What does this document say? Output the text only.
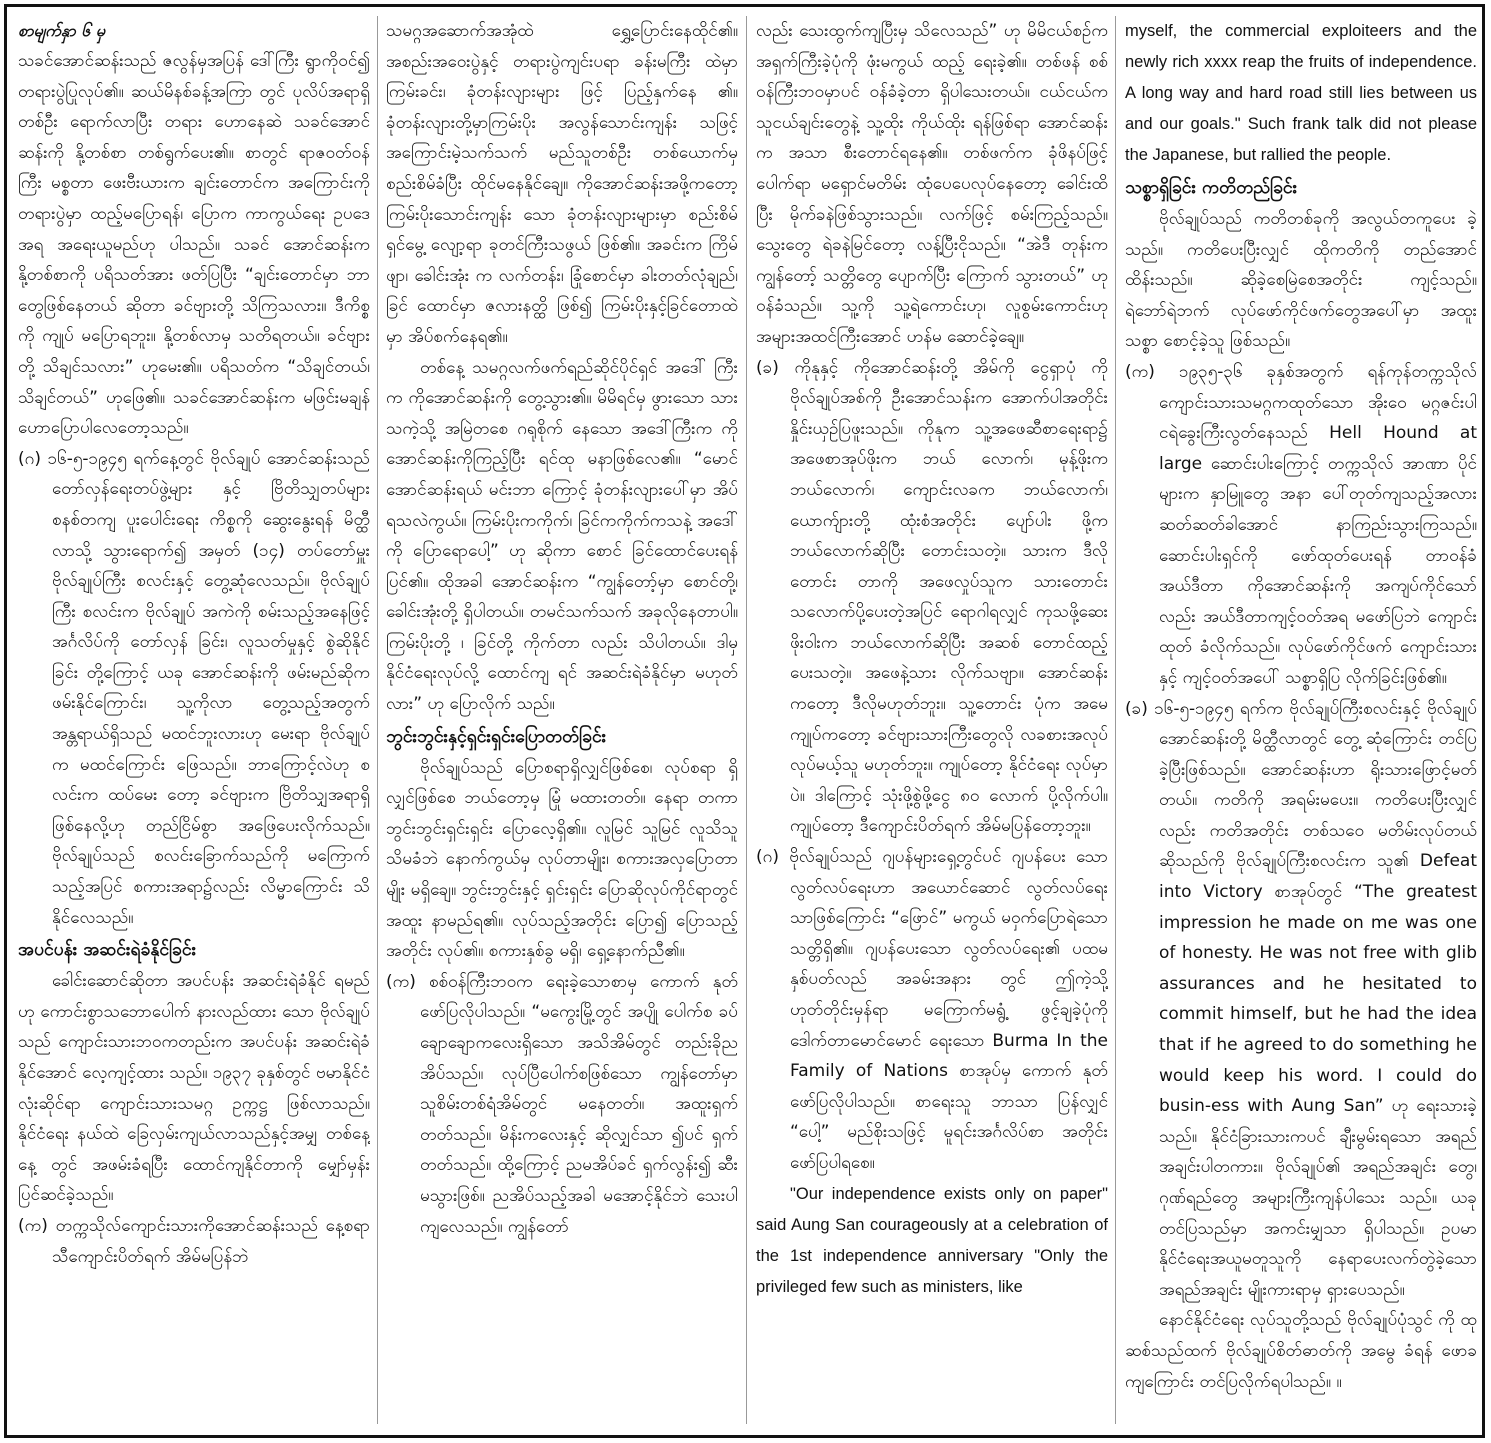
စာမျက်နှာ ၆ မှ

သခင်အောင်ဆန်းသည် ဇလွန်မှအပြန် ဒေါ်ကြီး ရွာကိုဝင်၍ တရားပွဲပြုလုပ်၏။ ဆယ်မိနစ်ခန့်အကြာ တွင် ပုလိပ်အရာရှိတစ်ဦး ရောက်လာပြီး တရား ဟောနေဆဲ သခင်အောင်ဆန်းကို နို့တစ်စာ တစ်ရွက်ပေး၏။ စာတွင် ရာဇဝတ်ဝန်ကြီး မစ္စတာ ဖေးဗီးယားက ချင်းတောင်က အကြောင်းကို တရားပွဲမှာ ထည့်မပြောရန်၊ ပြောက ကာကွယ်ရေး ဥပဒေအရ အရေးယူမည်ဟု ပါသည်။ သခင် အောင်ဆန်းက နို့တစ်စာကို ပရိသတ်အား ဖတ်ပြပြီး “ချင်းတောင်မှာ ဘာတွေဖြစ်နေတယ် ဆိုတာ ခင်ဗျားတို့ သိကြသလား။ ဒီကိစ္စကို ကျုပ် မပြောရဘူး။ နို့တစ်လာမှ သတိရတယ်။ ခင်ဗျားတို့ သိချင်သလား” ဟုမေး၏။ ပရိသတ်က “သိချင်တယ်၊ သိချင်တယ်” ဟုဖြေ၏။ သခင်အောင်ဆန်းက မဖြင်းမချန် ဟောပြောပါလေတော့သည်။

(ဂ) ၁၆-၅-၁၉၄၅ ရက်နေ့တွင် ဗိုလ်ချုပ် အောင်ဆန်းသည် တော်လှန်ရေးတပ်ဖွဲ့များ နှင့် ဗြိတိသျှတပ်များ စနစ်တကျ ပူးပေါင်းရေး ကိစ္စကို ဆွေးနွေးရန် မိတ္ထီလာသို့ သွားရောက်၍ အမှတ် (၁၄) တပ်တော်မှူး ဗိုလ်ချုပ်ကြီး စလင်းနှင့် တွေ့ဆုံလေသည်။ ဗိုလ်ချုပ်ကြီး စလင်းက ဗိုလ်ချုပ် အကဲကို စမ်းသည့်အနေဖြင့် အင်္ဂလိပ်ကို တော်လှန် ခြင်း၊ လူသတ်မှုနှင့် စွဲဆိုနိုင်ခြင်း တို့ကြောင့် ယခု အောင်ဆန်းကို ဖမ်းမည်ဆိုက ဖမ်းနိုင်ကြောင်း၊ သူ့ကိုလာ တွေ့သည့်အတွက် အန္တရာယ်ရှိသည် မထင်ဘူးလားဟု မေးရာ ဗိုလ်ချုပ်က မထင်ကြောင်း ဖြေသည်။ ဘာကြောင့်လဲဟု စလင်းက ထပ်မေး တော့ ခင်ဗျားက ဗြိတိသျှအရာရှိ ဖြစ်နေလို့ဟု တည်ငြိမ်စွာ အဖြေပေးလိုက်သည်။ ဗိုလ်ချုပ်သည် စလင်းခြောက်သည်ကို မကြောက်သည့်အပြင် စကားအရာ၌လည်း လိမ္မာကြောင်း သိနိုင်လေသည်။

အပင်ပန်း အဆင်းရဲခံနိုင်ခြင်း

ခေါင်းဆောင်ဆိုတာ အပင်ပန်း အဆင်းရဲခံနိုင် ရမည်ဟု ကောင်းစွာသဘောပေါက် နားလည်ထား သော ဗိုလ်ချုပ်သည် ကျောင်းသားဘဝကတည်းက အပင်ပန်း အဆင်းရဲခံနိုင်အောင် လေ့ကျင့်ထား သည်။ ၁၉၃၇ ခုနှစ်တွင် ဗမာနိုင်ငံလုံးဆိုင်ရာ ကျောင်းသားသမဂ္ဂ ဥက္ကဋ္ဌ ဖြစ်လာသည်။ နိုင်ငံရေး နယ်ထဲ ခြေလှမ်းကျယ်လာသည်နှင့်အမျှ တစ်နေ့နေ့ တွင် အဖမ်းခံရပြီး ထောင်ကျနိုင်တာကို မျှော်မှန်း ပြင်ဆင်ခဲ့သည်။

(က) တက္ကသိုလ်ကျောင်းသားကိုအောင်ဆန်းသည် နေ့စရာသီကျောင်းပိတ်ရက် အိမ်မပြန်ဘဲ

သမဂ္ဂအဆောက်အအုံထဲ ရွှေ့ပြောင်းနေထိုင်၏။ အစည်းအဝေးပွဲနှင့် တရားပွဲကျင်းပရာ ခန်းမကြီး ထဲမှာ ကြမ်းခင်း၊ ခုံတန်းလျားများ ဖြင့် ပြည့်နှက်နေ ၏။ ခုံတန်းလျားတို့မှာကြမ်းပိုး အလွန်သောင်းကျန်း သဖြင့် အကြောင်းမဲ့သက်သက် မည်သူတစ်ဦး တစ်ယောက်မှ စည်းစိမ်ခံပြီး ထိုင်မနေနိုင်ချေ။ ကိုအောင်ဆန်းအဖို့ကတော့ ကြမ်းပိုးသောင်းကျန်း သော ခုံတန်းလျားများမှာ စည်းစိမ်ရှင်မွေ့ လျော့ရာ ခုတင်ကြီးသဖွယ် ဖြစ်၏။ အခင်းက ကြိမ်ဖျာ၊ ခေါင်းအုံး က လက်တန်း၊ ခြုံစောင်မှာ ခါးတတ်လုံချည်၊ ခြင် ထောင်မှာ ဇလားနတ္ထိ ဖြစ်၍ ကြမ်းပိုးနှင့်ခြင်တောထဲ မှာ အိပ်စက်နေရ၏။

တစ်နေ့ သမဂ္ဂလက်ဖက်ရည်ဆိုင်ပိုင်ရှင် အဒေါ် ကြီးက ကိုအောင်ဆန်းကို တွေ့သွား၏။ မိမိရင်မှ ဖွားသော သားသကဲ့သို့ အမြဲတစေ ဂရုစိုက် နေသော အဒေါ်ကြီးက ကိုအောင်ဆန်းကိုကြည့်ပြီး ရင်ထု မနာဖြစ်လေ၏။ “မောင်အောင်ဆန်းရယ် မင်းဘာ ကြောင့် ခုံတန်းလျားပေါ်မှာ အိပ်ရသလဲကွယ်။ ကြမ်းပိုးကကိုက်၊ ခြင်ကကိုက်ကသနဲ့ အဒေါ်ကို ပြောရောပေါ့” ဟု ဆိုကာ စောင် ခြင်ထောင်ပေးရန် ပြင်၏။ ထိုအခါ အောင်ဆန်းက “ကျွန်တော့်မှာ စောင်တို့၊ ခေါင်းအုံးတို့ ရှိပါတယ်။ တမင်သက်သက် အခုလိုနေတာပါ။ ကြမ်းပိုးတို့ ၊ ခြင်တို့ ကိုက်တာ လည်း သိပါတယ်။ ဒါမှ နိုင်ငံရေးလုပ်လို့ ထောင်ကျ ရင် အဆင်းရဲခံနိုင်မှာ မဟုတ်လား” ဟု ပြောလိုက် သည်။

ဘွင်းဘွင်းနှင့်ရှင်းရှင်းပြောတတ်ခြင်း

ဗိုလ်ချုပ်သည် ပြောစရာရှိလျှင်ဖြစ်စေ၊ လုပ်စရာ ရှိလျှင်ဖြစ်စေ ဘယ်တော့မှ မြုံ မထားတတ်။ နေရာ တကာ ဘွင်းဘွင်းရှင်းရှင်း ပြောလေ့ရှိ၏။ လူမြင် သူမြင် လူသိသူသိမခံဘဲ နောက်ကွယ်မှ လုပ်တာမျိုး၊ စကားအလှပြောတာမျိုး မရှိချေ။ ဘွင်းဘွင်းနှင့် ရှင်းရှင်း ပြောဆိုလုပ်ကိုင်ရာတွင် အထူး နာမည်ရ၏။ လုပ်သည့်အတိုင်း ပြော၍ ပြောသည့်အတိုင်း လုပ်၏။ စကားနှစ်ခွ မရှိ၊ ရှေ့နောက်ညီ၏။

(က) စစ်ဝန်ကြီးဘဝက ရေးခဲ့သောစာမှ ကောက် နုတ်ဖော်ပြလိုပါသည်။ “မကွေးမြို့တွင် အပျို ပေါက်စ ခပ်ချောချောကလေးရှိသော အသိအိမ်တွင် တည်းခိုညအိပ်သည်။ လုပ်ပြီပေါက်စဖြစ်သော ကျွန်တော်မှာ သူစိမ်းတစ်ရံအိမ်တွင် မနေတတ်။ အထူးရှက်တတ်သည်။ မိန်းကလေးနှင့် ဆိုလျှင်သာ ၍ပင် ရှက်တတ်သည်။ ထို့ကြောင့် ညမအိပ်ခင် ရှက်လွန်း၍ ဆီးမသွားဖြစ်။ ညအိပ်သည့်အခါ မအောင့်နိုင်ဘဲ သေးပါကျလေသည်။ ကျွန်တော်

လည်း သေးထွက်ကျပြီးမှ သိလေသည်” ဟု မိမိငယ်စဉ်က အရှက်ကြီးခဲ့ပုံကို ဖုံးမကွယ် ထည့် ရေးခဲ့၏။ တစ်ဖန် စစ်ဝန်ကြီးဘဝမှာပင် ဝန်ခံခဲ့တာ ရှိပါသေးတယ်။ ငယ်ငယ်က သူငယ်ချင်းတွေနဲ့ သူ့ထိုး ကိုယ်ထိုး ရန်ဖြစ်ရာ အောင်ဆန်းက အသာ စီးတောင်ရနေ၏။ တစ်ဖက်က ခုံဖိနပ်ဖြင့် ပေါက်ရာ မရှောင်မတိမ်း ထုံပေပေလုပ်နေတော့ ခေါင်းထိပြီး မိုက်ခနဲဖြစ်သွားသည်။ လက်ဖြင့် စမ်းကြည့်သည်။ သွေးတွေ ရဲခနဲမြင်တော့ လန့်ပြီးငိုသည်။ “အဲဒီ တုန်းက ကျွန်တော့် သတ္တိတွေ ပျောက်ပြီး ကြောက် သွားတယ်” ဟု ဝန်ခံသည်။ သူ့ကို သူ့ရဲကောင်းဟု၊ လူစွမ်းကောင်းဟု အများအထင်ကြီးအောင် ဟန်မ ဆောင်ခဲ့ချေ။

(ခ) ကိုနုနှင့် ကိုအောင်ဆန်းတို့ အိမ်ကို ငွေရှာပုံ ကို ဗိုလ်ချုပ်အစ်ကို ဦးအောင်သန်းက အောက်ပါအတိုင်း နှိုင်းယှဉ်ပြဖူးသည်။ ကိုနုက သူ့အဖေဆီစာရေးရာ၌ အဖေစာအုပ်ဖိုးက ဘယ် လောက်၊ မုန့်ဖိုးက ဘယ်လောက်၊ ကျောင်းလခက ဘယ်လောက်၊ ယောက်ျားတို့ ထုံးစံအတိုင်း ပျော်ပါး ဖို့က ဘယ်လောက်ဆိုပြီး တောင်းသတဲ့။ သားက ဒီလိုတောင်း တာကို အဖေလှုပ်သူက သားတောင်း သလောက်ပို့ပေးတဲ့အပြင် ရောဂါရလျှင် ကုသဖို့ဆေးဖိုးဝါးက ဘယ်လောက်ဆိုပြီး အဆစ် တောင်ထည့်ပေးသတဲ့။ အဖေနဲ့သား လိုက်သဗျာ။ အောင်ဆန်းကတော့ ဒီလိုမဟုတ်ဘူး။ သူ့တောင်း ပုံက အမေကျုပ်ကတော့ ခင်ဗျားသားကြီးတွေလို လခစားအလုပ် လုပ်မယ့်သူ မဟုတ်ဘူး။ ကျုပ်တော့ နိုင်ငံရေး လုပ်မှာပဲ။ ဒါကြောင့် သုံးဖို့စွဲဖို့ငွေ ၈၀ လောက် ပို့လိုက်ပါ။ ကျုပ်တော့ ဒီကျောင်းပိတ်ရက် အိမ်မပြန်တော့ဘူး။

(ဂ) ဗိုလ်ချုပ်သည် ဂျပန်များရှေ့တွင်ပင် ဂျပန်ပေး သော လွတ်လပ်ရေးဟာ အယောင်ဆောင် လွတ်လပ်ရေးသာဖြစ်ကြောင်း “ဖြောင်” မကွယ် မဝှက်ပြောရဲသော သတ္တိရှိ၏။ ဂျပန်ပေးသော လွတ်လပ်ရေး၏ ပထမနှစ်ပတ်လည် အခမ်းအနား တွင် ဤကဲ့သို့ ဟုတ်တိုင်းမှန်ရာ မကြောက်မရွံ့ ဖွင့်ချခဲ့ပုံကို ဒေါက်တာမောင်မောင် ရေးသော Burma In the Family of Nations စာအုပ်မှ ကောက် နုတ်ဖော်ပြလိုပါသည်။ စာရေးသူ ဘာသာ ပြန်လျှင် “ပေါ့” မည်စိုးသဖြင့် မူရင်းအင်္ဂလိပ်စာ အတိုင်း ဖော်ပြပါရစေ။

"Our independence exists only on paper" said Aung San courageously at a celebration of the 1st independence anniversary "Only the privileged few such as ministers, like

myself, the commercial exploiteers and the newly rich xxxx reap the fruits of independence. A long way and hard road still lies between us and our goals." Such frank talk did not please the Japanese, but rallied the people.

သစ္စာရှိခြင်း ကတိတည်ခြင်း

ဗိုလ်ချုပ်သည် ကတိတစ်ခုကို အလွယ်တကူပေး ခဲ့သည်။ ကတိပေးပြီးလျှင် ထိုကတိကို တည်အောင် ထိန်းသည်။ ဆိုခဲ့စေမြဲစေအတိုင်း ကျင့်သည်။ ရဲဘော်ရဲဘက် လုပ်ဖော်ကိုင်ဖက်တွေအပေါ်မှာ အထူးသစ္စာ စောင့်ခဲ့သူ ဖြစ်သည်။

(က) ၁၉၃၅-၃၆ ခုနှစ်အတွက် ရန်ကုန်တက္ကသိုလ် ကျောင်းသားသမဂ္ဂကထုတ်သော အိုးဝေ မဂ္ဂဇင်းပါ ငရဲခွေးကြီးလွတ်နေသည် Hell Hound at large ဆောင်းပါးကြောင့် တက္ကသိုလ် အာဏာ ပိုင်များက နှာမြူတွေ အနာ ပေါ်တုတ်ကျသည့်အလား ဆတ်ဆတ်ခါအောင် နာကြည်းသွားကြသည်။ ဆောင်းပါးရှင်ကို ဖော်ထုတ်ပေးရန် တာဝန်ခံ အယ်ဒီတာ ကိုအောင်ဆန်းကို အကျပ်ကိုင်သော် လည်း အယ်ဒီတာကျင့်ဝတ်အရ မဖော်ပြဘဲ ကျောင်းထုတ် ခံလိုက်သည်။ လုပ်ဖော်ကိုင်ဖက် ကျောင်းသားနှင့် ကျင့်ဝတ်အပေါ် သစ္စာရှိပြ လိုက်ခြင်းဖြစ်၏။

(ခ) ၁၆-၅-၁၉၄၅ ရက်က ဗိုလ်ချုပ်ကြီးစလင်းနှင့် ဗိုလ်ချုပ်အောင်ဆန်းတို့ မိတ္ထီလာတွင် တွေ့ ဆုံကြောင်း တင်ပြခဲ့ပြီးဖြစ်သည်။ အောင်ဆန်းဟာ ရိုးသားဖြောင့်မတ်တယ်။ ကတိကို အရမ်းမပေး။ ကတိပေးပြီးလျှင်လည်း ကတိအတိုင်း တစ်သဝေ မတိမ်းလုပ်တယ်ဆိုသည်ကို ဗိုလ်ချုပ်ကြီးစလင်းက သူ၏ Defeat into Victory စာအုပ်တွင် “The greatest impression he made on me was one of honesty. He was not free with glib assurances and he hesitated to commit himself, but he had the idea that if he agreed to do something he would keep his word. I could do busin-ess with Aung San” ဟု ရေးသားခဲ့သည်။ နိုင်ငံခြားသားကပင် ချီးမွမ်းရသော အရည် အချင်းပါတကား။ ဗိုလ်ချုပ်၏ အရည်အချင်း တွေ၊ ဂုဏ်ရည်တွေ အများကြီးကျန်ပါသေး သည်။ ယခုတင်ပြသည်မှာ အကင်းမျှသာ ရှိပါသည်။ ဥပမာ နိုင်ငံရေးအယူမတူသူကို နေရာပေးလက်တွဲခဲ့သော အရည်အချင်း မျိုးကားရာမှ ရှားပေသည်။

နောင်နိုင်ငံရေး လုပ်သူတို့သည် ဗိုလ်ချုပ်ပုံသွင် ကို ထုဆစ်သည်ထက် ဗိုလ်ချုပ်စိတ်ဓာတ်ကို အမွေ ခံရန် ဖောခကျကြောင်း တင်ပြလိုက်ရပါသည်။ ။
